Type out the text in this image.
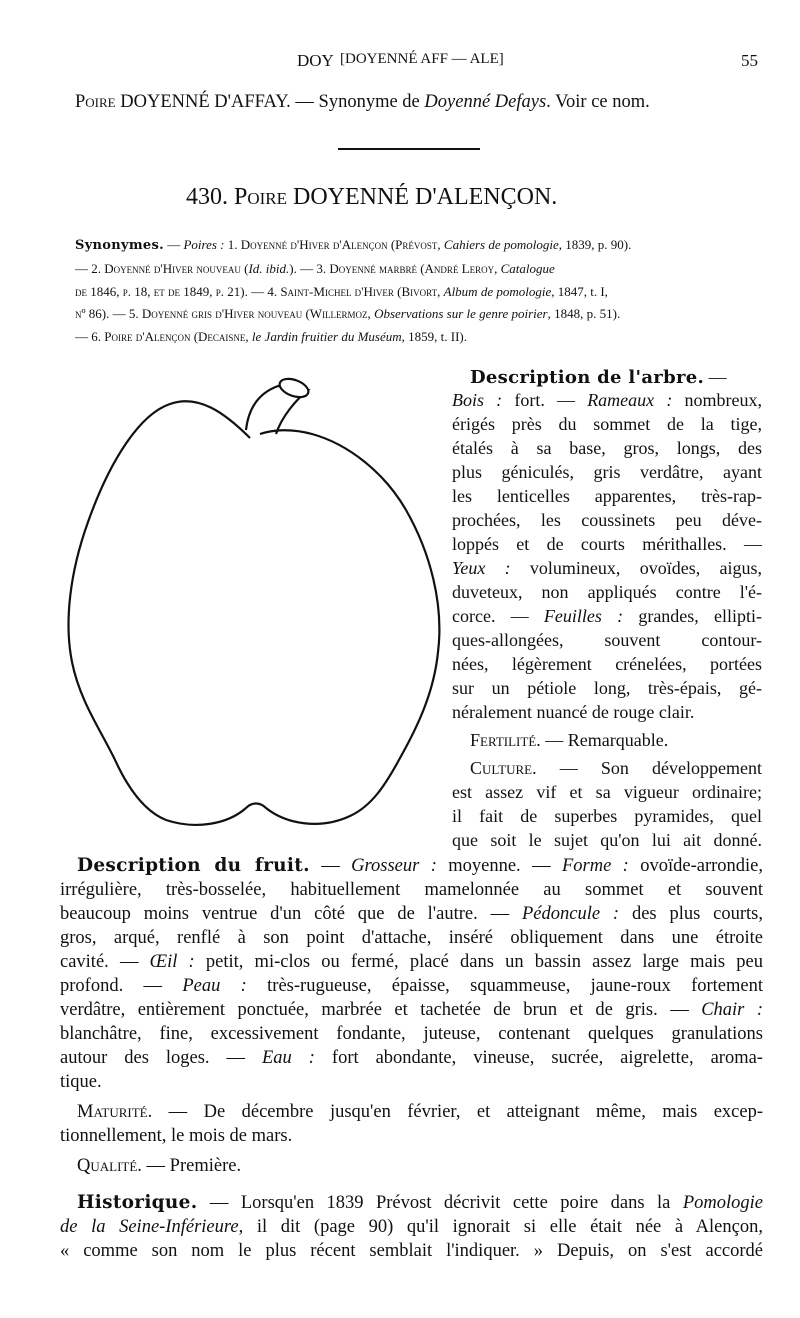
DOY [DOYENNÉ AFF — ALE]	55
Poire DOYENNÉ D'AFFAY. — Synonyme de Doyenné Defays. Voir ce nom.
430. Poire DOYENNÉ D'ALENÇON.
Synonymes. — Poires : 1. Doyenné d'Hiver d'Alençon (Prévost, Cahiers de pomologie, 1839, p. 90).
— 2. Doyenné d'Hiver nouveau (Id. ibid.). — 3. Doyenné marbré (André Leroy, Catalogue
de 1846, p. 18, et de 1849, p. 21). — 4. Saint-Michel d'Hiver (Bivort, Album de pomologie, 1847, t. I,
nº 86). — 5. Doyenné gris d'Hiver nouveau (Willermoz, Observations sur le genre poirier, 1848, p. 51).
— 6. Poire d'Alençon (Decaisne, le Jardin fruitier du Muséum, 1859, t. II).
Description de l'arbre. —
Bois : fort. — Rameaux : nombreux,
érigés près du sommet de la tige,
étalés à sa base, gros, longs, des
plus géniculés, gris verdâtre, ayant
les lenticelles apparentes, très-rap-
prochées, les coussinets peu déve-
loppés et de courts mérithalles. —
Yeux : volumineux, ovoïdes, aigus,
duveteux, non appliqués contre l'é-
corce. — Feuilles : grandes, ellipti-
ques-allongées, souvent contour-
nées, légèrement crénelées, portées
sur un pétiole long, très-épais, gé-
néralement nuancé de rouge clair.
Fertilité. — Remarquable.
Culture. — Son développement
est assez vif et sa vigueur ordinaire;
il fait de superbes pyramides, quel
que soit le sujet qu'on lui ait donné.
Description du fruit. — Grosseur : moyenne. — Forme : ovoïde-arrondie,
irrégulière, très-bosselée, habituellement mamelonnée au sommet et souvent
beaucoup moins ventrue d'un côté que de l'autre. — Pédoncule : des plus courts,
gros, arqué, renflé à son point d'attache, inséré obliquement dans une étroite
cavité. — Œil : petit, mi-clos ou fermé, placé dans un bassin assez large mais peu
profond. — Peau : très-rugueuse, épaisse, squammeuse, jaune-roux fortement
verdâtre, entièrement ponctuée, marbrée et tachetée de brun et de gris. — Chair :
blanchâtre, fine, excessivement fondante, juteuse, contenant quelques granulations
autour des loges. — Eau : fort abondante, vineuse, sucrée, aigrelette, aroma-
tique.
Maturité. — De décembre jusqu'en février, et atteignant même, mais excep-
tionnellement, le mois de mars.
Qualité. — Première.
Historique. — Lorsqu'en 1839 Prévost décrivit cette poire dans la Pomologie
de la Seine-Inférieure, il dit (page 90) qu'il ignorait si elle était née à Alençon,
« comme son nom le plus récent semblait l'indiquer. » Depuis, on s'est accordé
